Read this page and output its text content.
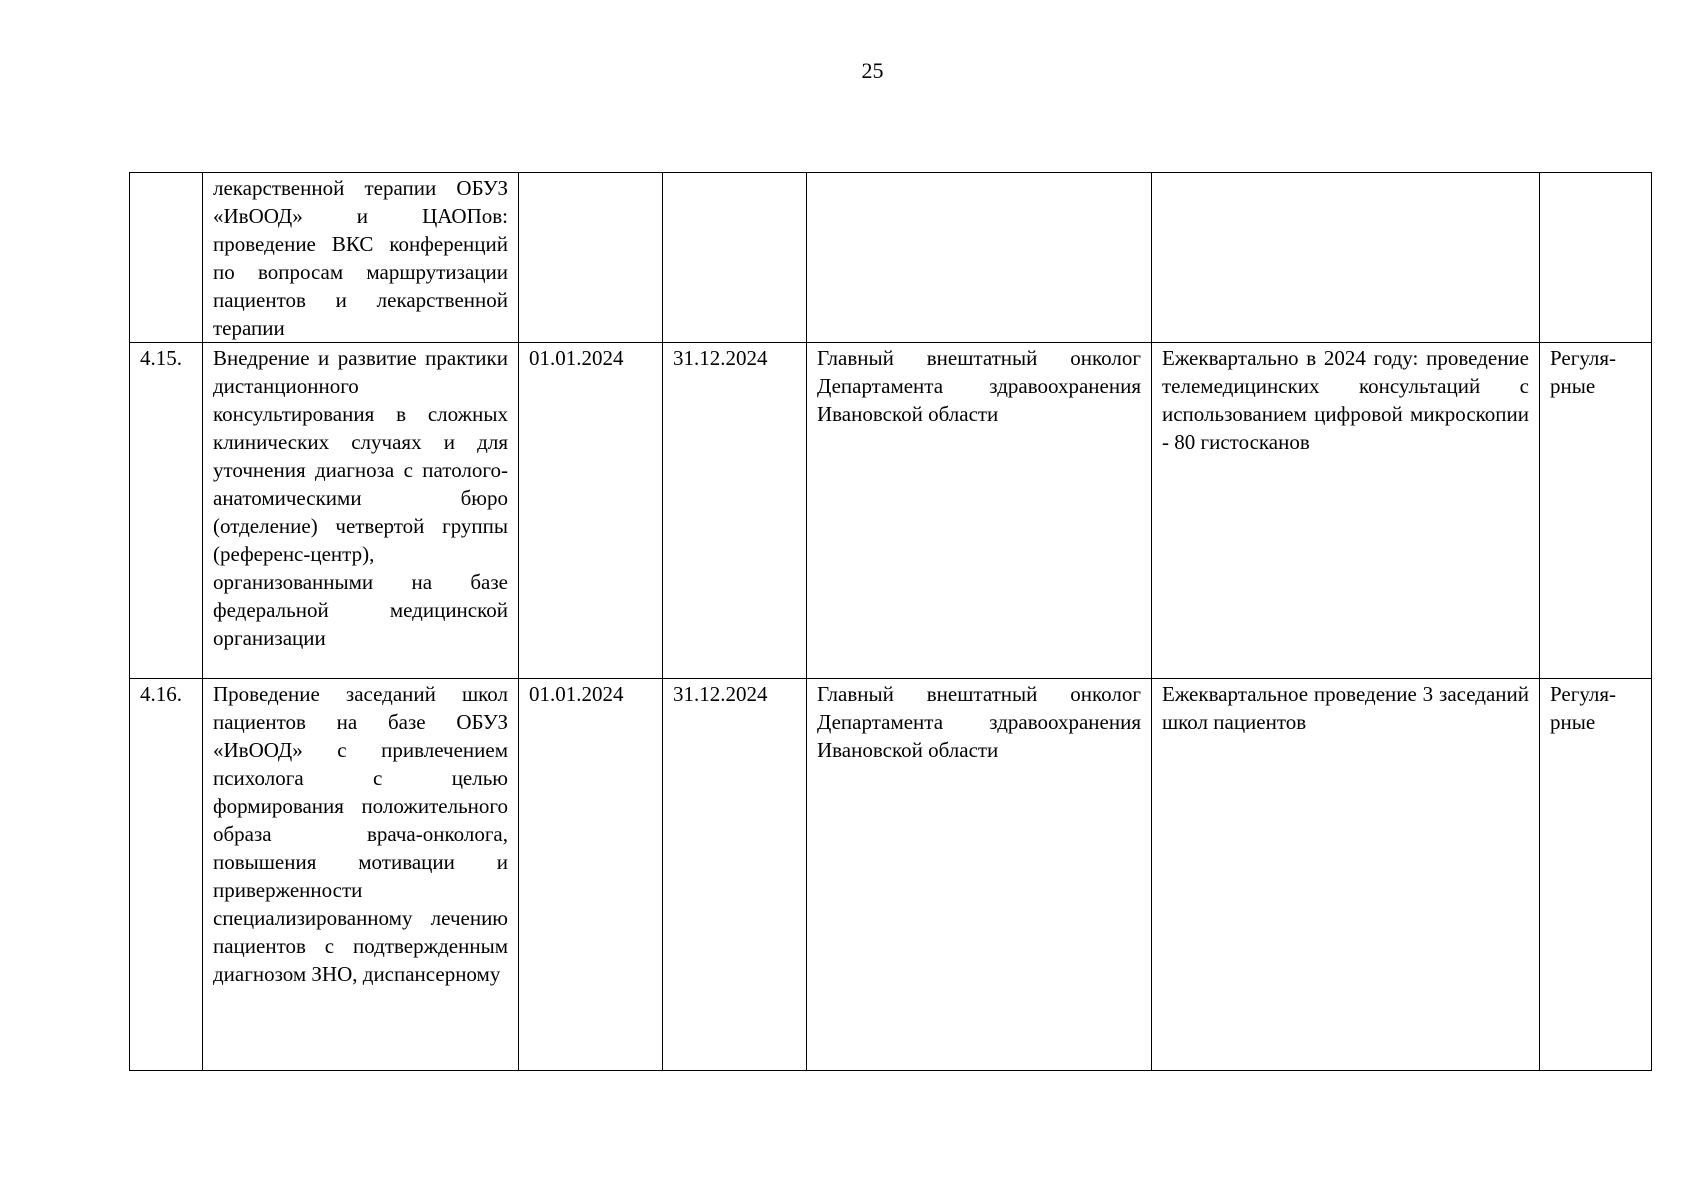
25
	лекарственной терапии ОБУЗ «ИвООД» и ЦАОПов: проведение ВКС конференций по вопросам маршрутизации пациентов и лекарственной терапии					
4.15.	Внедрение и развитие практики дистанционного консультирования в сложных клинических случаях и для уточнения диагноза с патолого-анатомическими бюро (отделение) четвертой группы (референс-центр), организованными на базе федеральной медицинской организации	01.01.2024	31.12.2024	Главный внештатный онколог Департамента здравоохранения Ивановской области	Ежеквартально в 2024 году: проведение телемедицинских консультаций с использованием цифровой микроскопии - 80 гистосканов	Регуля-рные
4.16.	Проведение заседаний школ пациентов на базе ОБУЗ «ИвООД» с привлечением психолога с целью формирования положительного образа врача-онколога, повышения мотивации и приверженности специализированному лечению пациентов с подтвержденным диагнозом ЗНО, диспансерному	01.01.2024	31.12.2024	Главный внештатный онколог Департамента здравоохранения Ивановской области	Ежеквартальное проведение 3 заседаний школ пациентов	Регуля-рные
